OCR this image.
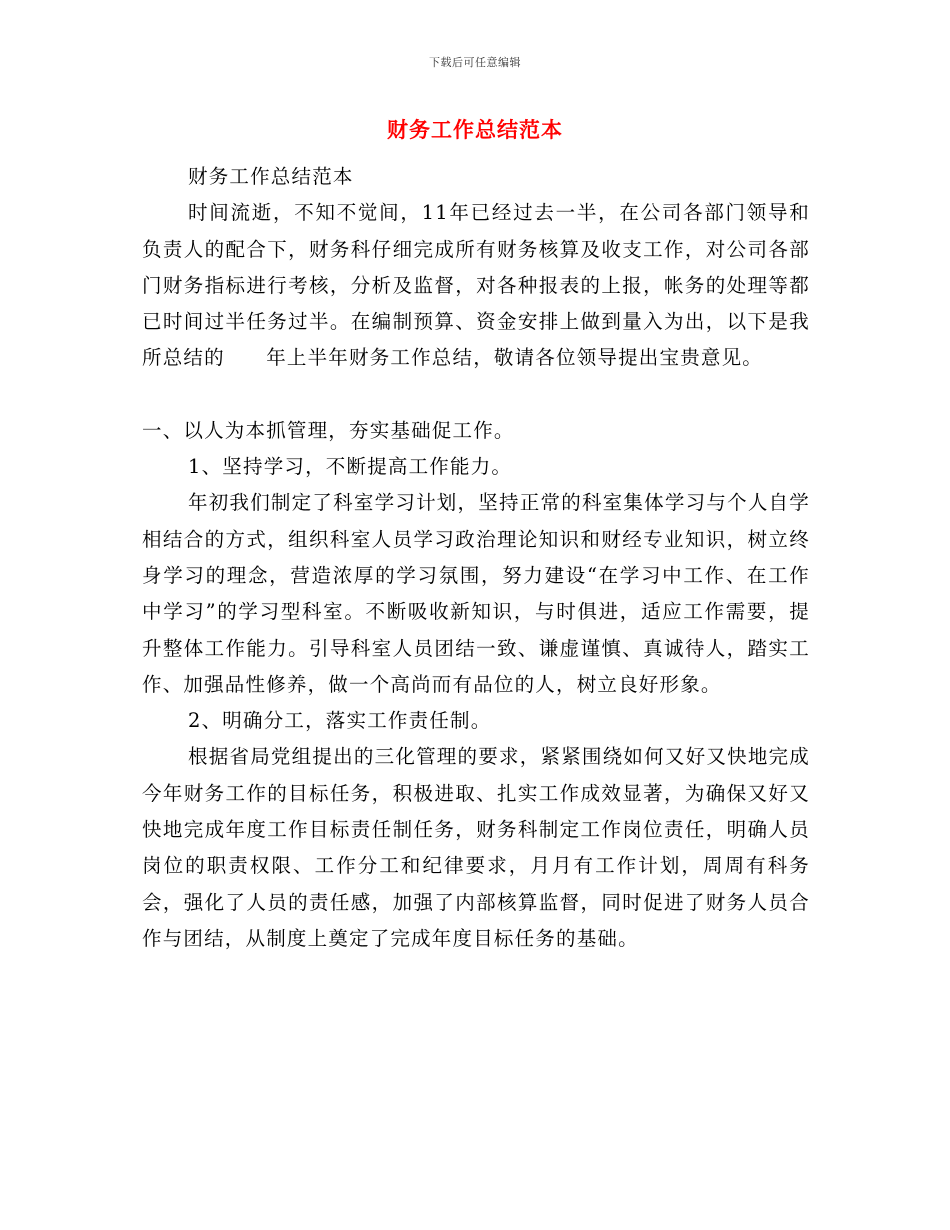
下载后可任意编辑
财务工作总结范本

财务工作总结范本

时间流逝，不知不觉间，11年已经过去一半，在公司各部门领导和负责人的配合下，财务科仔细完成所有财务核算及收支工作，对公司各部门财务指标进行考核，分析及监督，对各种报表的上报，帐务的处理等都已时间过半任务过半。在编制预算、资金安排上做到量入为出，以下是我所总结的　　年上半年财务工作总结，敬请各位领导提出宝贵意见。

一、以人为本抓管理，夯实基础促工作。

1、坚持学习，不断提高工作能力。

年初我们制定了科室学习计划，坚持正常的科室集体学习与个人自学相结合的方式，组织科室人员学习政治理论知识和财经专业知识，树立终身学习的理念，营造浓厚的学习氛围，努力建设“在学习中工作、在工作中学习”的学习型科室。不断吸收新知识，与时俱进，适应工作需要，提升整体工作能力。引导科室人员团结一致、谦虚谨慎、真诚待人，踏实工作、加强品性修养，做一个高尚而有品位的人，树立良好形象。

2、明确分工，落实工作责任制。

根据省局党组提出的三化管理的要求，紧紧围绕如何又好又快地完成今年财务工作的目标任务，积极进取、扎实工作成效显著，为确保又好又快地完成年度工作目标责任制任务，财务科制定工作岗位责任，明确人员岗位的职责权限、工作分工和纪律要求，月月有工作计划，周周有科务会，强化了人员的责任感，加强了内部核算监督，同时促进了财务人员合作与团结，从制度上奠定了完成年度目标任务的基础。
